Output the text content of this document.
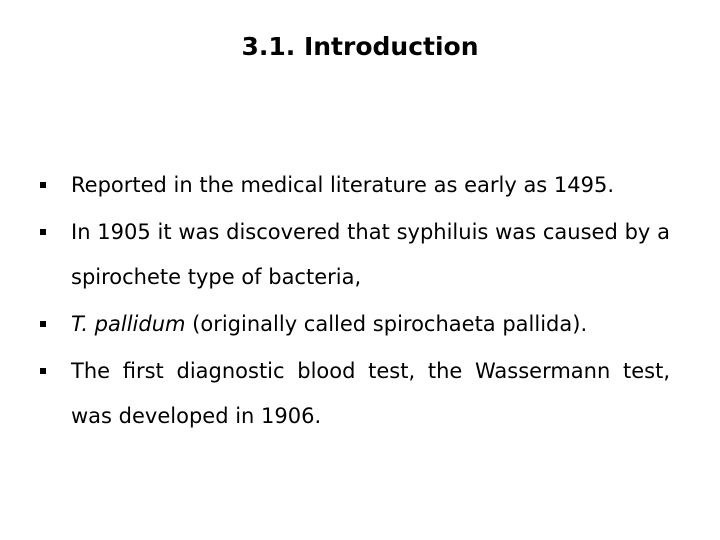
3.1. Introduction
Reported in the medical literature as early as 1495.
In 1905 it was discovered that syphiluis was caused by a spirochete type of bacteria,
T. pallidum (originally called spirochaeta pallida).
The first diagnostic blood test, the Wassermann test, was developed in 1906.
